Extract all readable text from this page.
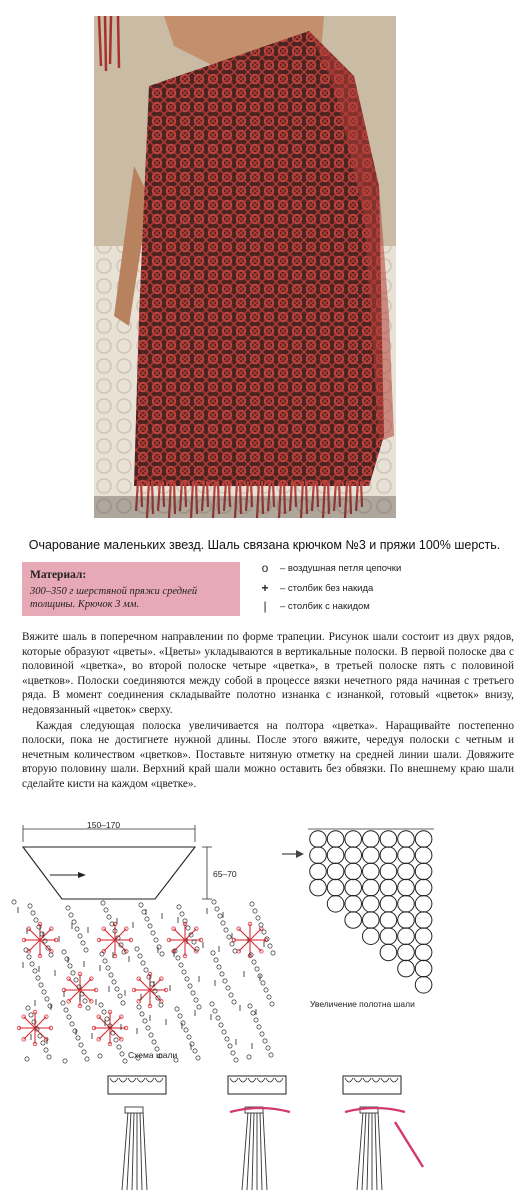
Очарование маленьких звезд. Шаль связана крючком №3 и пряжи 100% шерсть.
Материал:
300–350 г шерстяной пряжи средней толщины. Крючок 3 мм.
o	– воздушная петля цепочки
+	– столбик без накида
|	– столбик с накидом

Вяжите шаль в поперечном направлении по форме трапеции. Рисунок шали состоит из двух рядов, которые образуют «цветы». «Цветы» укладываются в вертикальные полоски. В первой полоске два с половиной «цветка», во второй полоске четыре «цветка», в третьей полоске пять с половиной «цветков». Полоски соединяются между собой в процессе вязки нечетного ряда начиная с третьего ряда. В момент соединения складывайте полотно изнанка с изнанкой, готовый «цветок» внизу, недовязанный «цветок» сверху.

Каждая следующая полоска увеличивается на полтора «цветка». Наращивайте постепенно полоски, пока не достигнете нужной длины. После этого вяжите, чередуя полоски с четным и нечетным количеством «цветков». Поставьте нитяную отметку на средней линии шали. Довяжите вторую половину шали. Верхний край шали можно оставить без обвязки. По внешнему краю шали сделайте кисти на каждом «цветке».

150–170
65–70
Увеличение полотна шали
Схема шали
